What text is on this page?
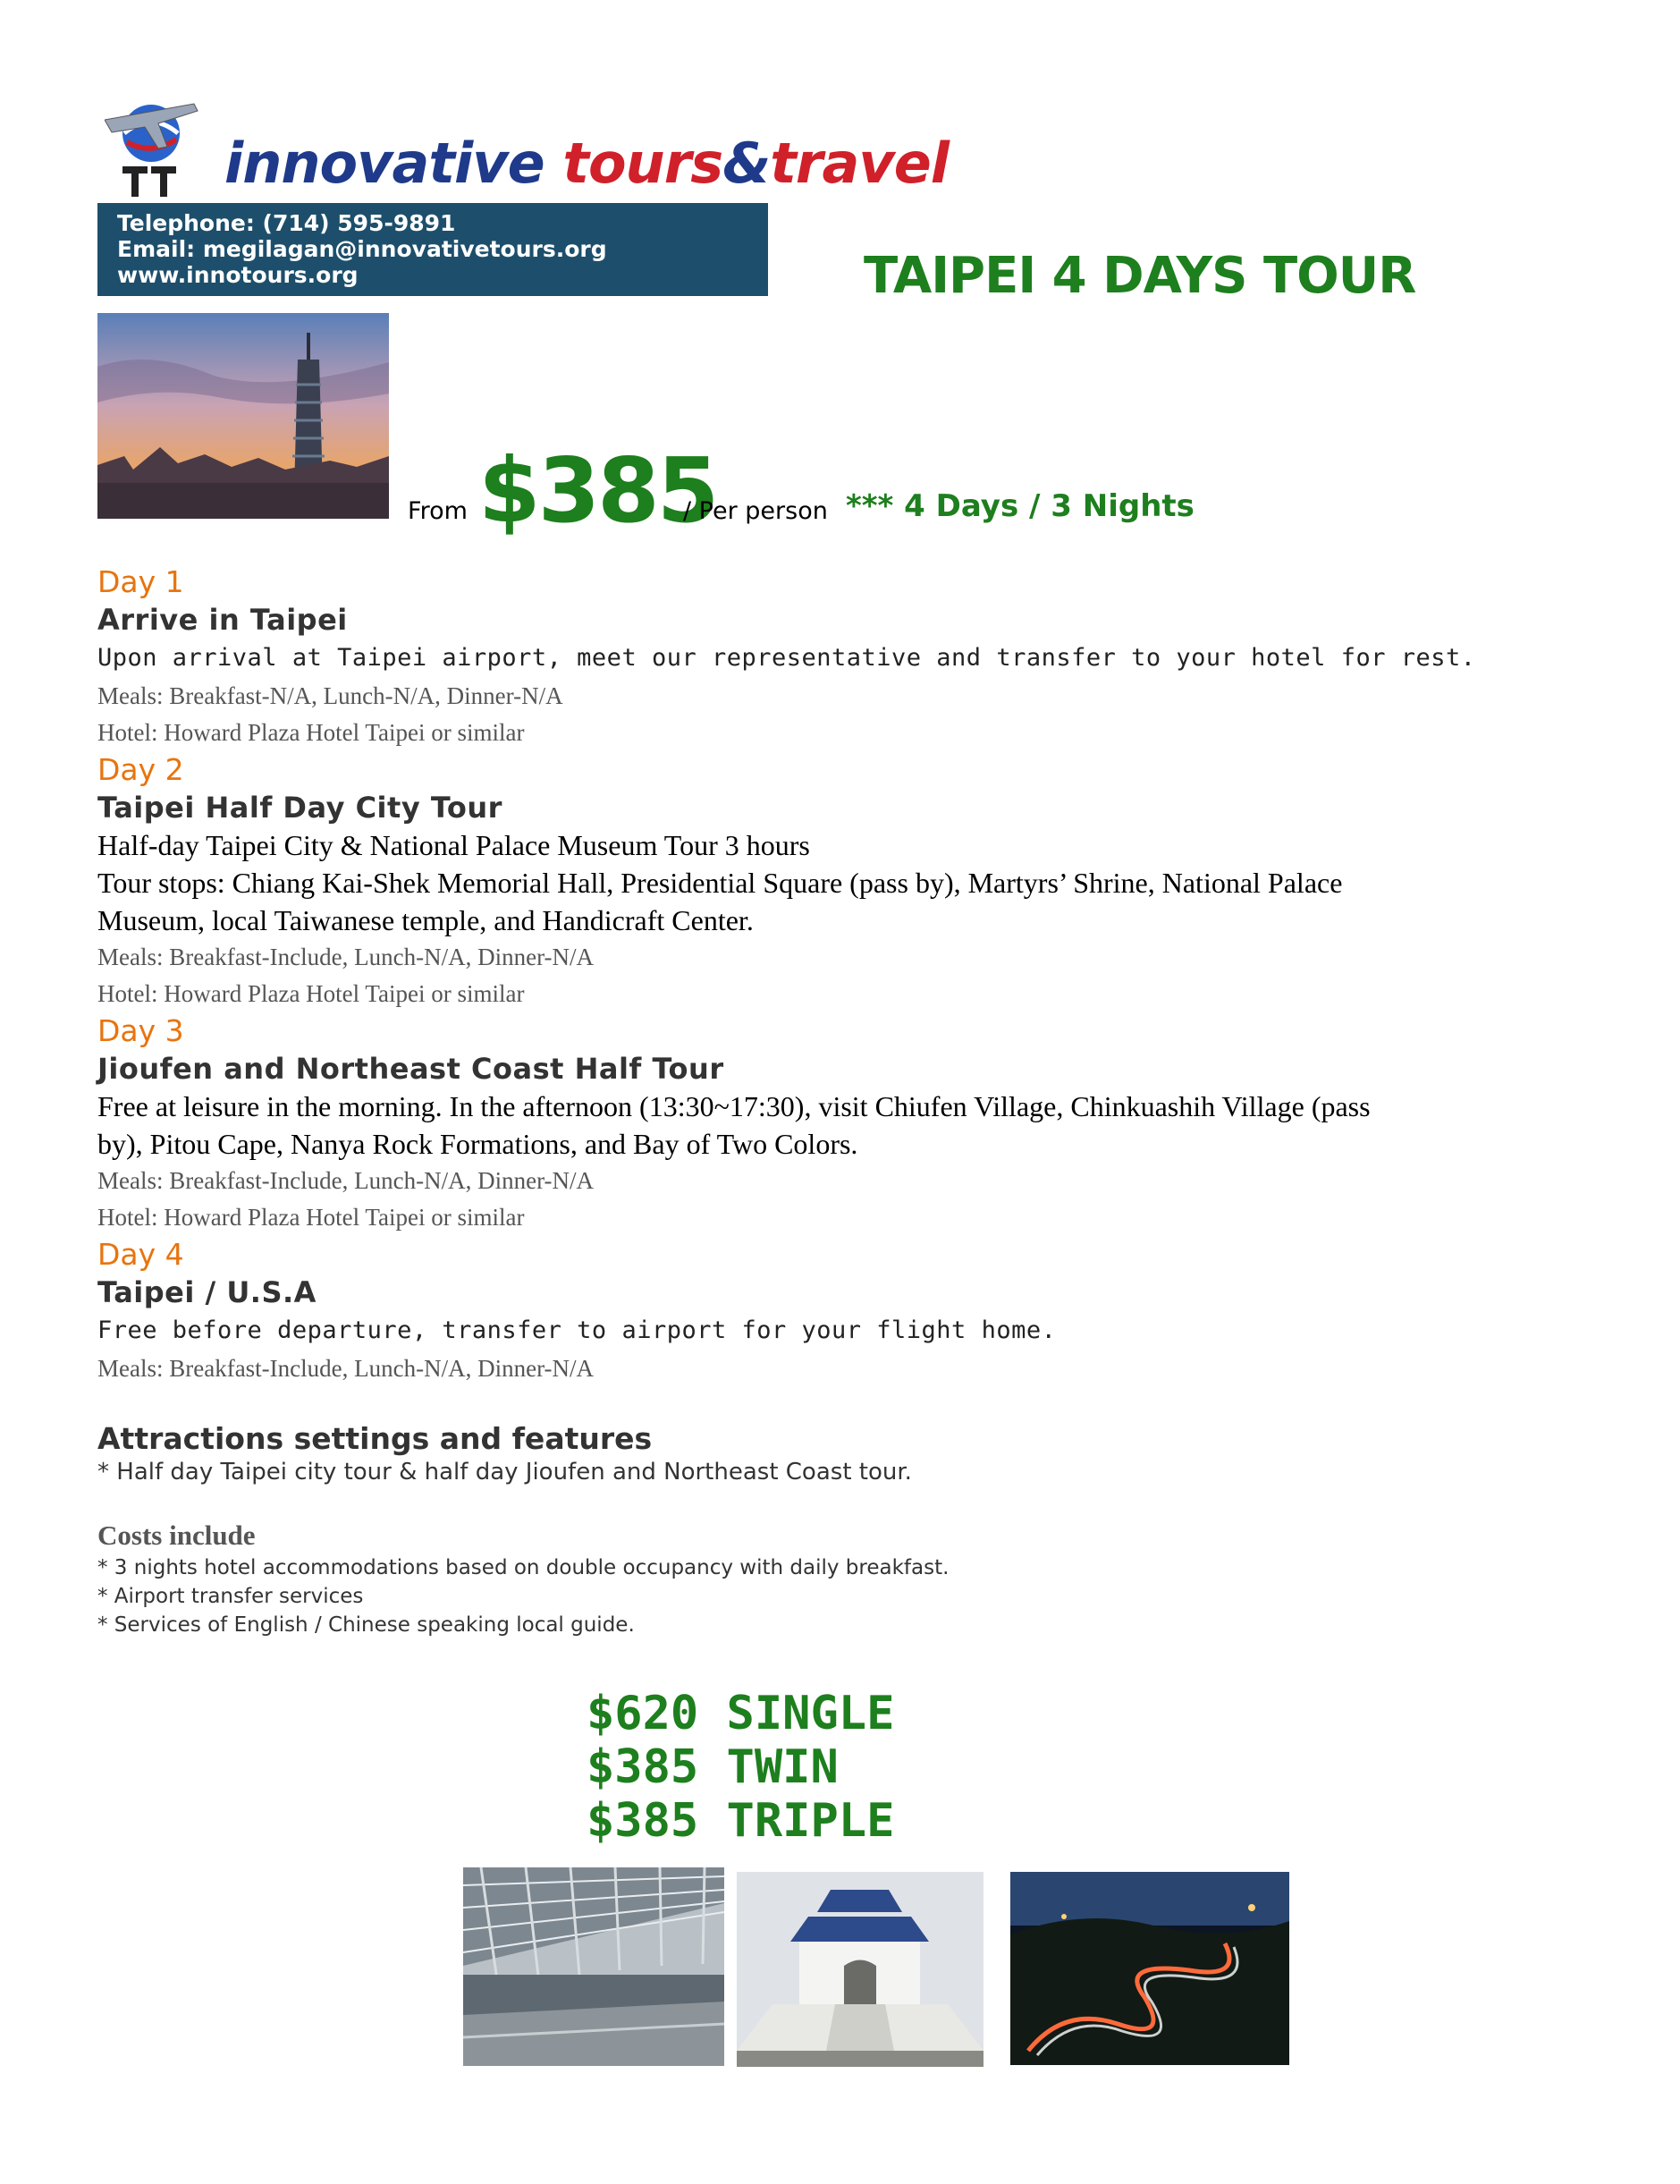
innovative tours&travel
Telephone: (714) 595-9891
Email: megilagan@innovativetours.org
www.innotours.org	TAIPEI 4 DAYS TOUR
From $385
/ Per person *** 4 Days / 3 Nights
Day 1
Arrive in Taipei
Upon arrival at Taipei airport, meet our representative and transfer to your hotel for rest.
Meals: Breakfast-N/A, Lunch-N/A, Dinner-N/A
Hotel: Howard Plaza Hotel Taipei or similar
Day 2
Taipei Half Day City Tour
Half-day Taipei City & National Palace Museum Tour 3 hours
Tour stops: Chiang Kai-Shek Memorial Hall, Presidential Square (pass by), Martyrs’ Shrine, National Palace
Museum, local Taiwanese temple, and Handicraft Center.
Meals: Breakfast-Include, Lunch-N/A, Dinner-N/A
Hotel: Howard Plaza Hotel Taipei or similar
Day 3
Jioufen and Northeast Coast Half Tour
Free at leisure in the morning. In the afternoon (13:30~17:30), visit Chiufen Village, Chinkuashih Village (pass
by), Pitou Cape, Nanya Rock Formations, and Bay of Two Colors.
Meals: Breakfast-Include, Lunch-N/A, Dinner-N/A
Hotel: Howard Plaza Hotel Taipei or similar
Day 4
Taipei / U.S.A
Free before departure, transfer to airport for your flight home.
Meals: Breakfast-Include, Lunch-N/A, Dinner-N/A
Attractions settings and features
* Half day Taipei city tour & half day Jioufen and Northeast Coast tour.
Costs include
* 3 nights hotel accommodations based on double occupancy with daily breakfast.
* Airport transfer services
* Services of English / Chinese speaking local guide.
$620 SINGLE
$385 TWIN
$385 TRIPLE
